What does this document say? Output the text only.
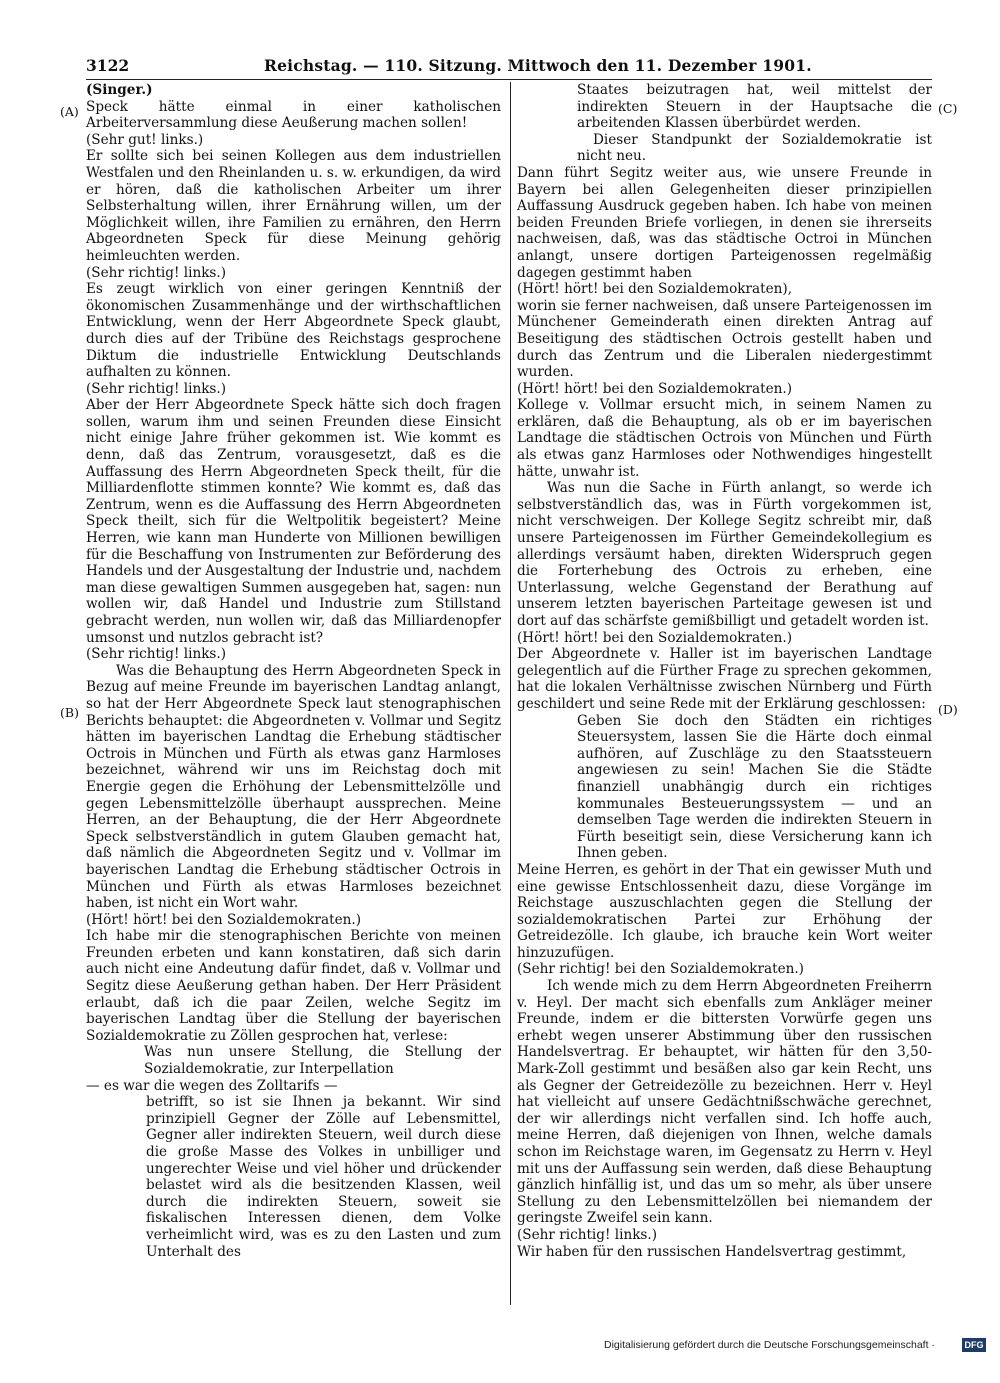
3122	Reichstag. — 110. Sitzung. Mittwoch den 11. Dezember 1901.
(A)
(B)
(C)
(D)

(Singer.)

Speck hätte einmal in einer katholischen Arbeiterversammlung diese Aeußerung machen sollen!

(Sehr gut! links.)

Er sollte sich bei seinen Kollegen aus dem industriellen Westfalen und den Rheinlanden u. s. w. erkundigen, da wird er hören, daß die katholischen Arbeiter um ihrer Selbsterhaltung willen, ihrer Ernährung willen, um der Möglichkeit willen, ihre Familien zu ernähren, den Herrn Abgeordneten Speck für diese Meinung gehörig heimleuchten werden.

(Sehr richtig! links.)

Es zeugt wirklich von einer geringen Kenntniß der ökonomischen Zusammenhänge und der wirthschaftlichen Entwicklung, wenn der Herr Abgeordnete Speck glaubt, durch dies auf der Tribüne des Reichstags gesprochene Diktum die industrielle Entwicklung Deutschlands aufhalten zu können.

(Sehr richtig! links.)

Aber der Herr Abgeordnete Speck hätte sich doch fragen sollen, warum ihm und seinen Freunden diese Einsicht nicht einige Jahre früher gekommen ist. Wie kommt es denn, daß das Zentrum, vorausgesetzt, daß es die Auffassung des Herrn Abgeordneten Speck theilt, für die Milliardenflotte stimmen konnte? Wie kommt es, daß das Zentrum, wenn es die Auffassung des Herrn Abgeordneten Speck theilt, sich für die Weltpolitik begeistert? Meine Herren, wie kann man Hunderte von Millionen bewilligen für die Beschaffung von Instrumenten zur Beförderung des Handels und der Ausgestaltung der Industrie und, nachdem man diese gewaltigen Summen ausgegeben hat, sagen: nun wollen wir, daß Handel und Industrie zum Stillstand gebracht werden, nun wollen wir, daß das Milliardenopfer umsonst und nutzlos gebracht ist?

(Sehr richtig! links.)

Was die Behauptung des Herrn Abgeordneten Speck in Bezug auf meine Freunde im bayerischen Landtag anlangt, so hat der Herr Abgeordnete Speck laut stenographischen Berichts behauptet: die Abgeordneten v. Vollmar und Segitz hätten im bayerischen Landtag die Erhebung städtischer Octrois in München und Fürth als etwas ganz Harmloses bezeichnet, während wir uns im Reichstag doch mit Energie gegen die Erhöhung der Lebensmittelzölle und gegen Lebensmittelzölle überhaupt aussprechen. Meine Herren, an der Behauptung, die der Herr Abgeordnete Speck selbstverständlich in gutem Glauben gemacht hat, daß nämlich die Abgeordneten Segitz und v. Vollmar im bayerischen Landtag die Erhebung städtischer Octrois in München und Fürth als etwas Harmloses bezeichnet haben, ist nicht ein Wort wahr.

(Hört! hört! bei den Sozialdemokraten.)

Ich habe mir die stenographischen Berichte von meinen Freunden erbeten und kann konstatiren, daß sich darin auch nicht eine Andeutung dafür findet, daß v. Vollmar und Segitz diese Aeußerung gethan haben. Der Herr Präsident erlaubt, daß ich die paar Zeilen, welche Segitz im bayerischen Landtag über die Stellung der bayerischen Sozialdemokratie zu Zöllen gesprochen hat, verlese:

Was nun unsere Stellung, die Stellung der Sozialdemokratie, zur Interpellation

— es war die wegen des Zolltarifs —

betrifft, so ist sie Ihnen ja bekannt. Wir sind prinzipiell Gegner der Zölle auf Lebensmittel, Gegner aller indirekten Steuern, weil durch diese die große Masse des Volkes in unbilliger und ungerechter Weise und viel höher und drückender belastet wird als die besitzenden Klassen, weil durch die indirekten Steuern, soweit sie fiskalischen Interessen dienen, dem Volke verheimlicht wird, was es zu den Lasten und zum Unterhalt des

Staates beizutragen hat, weil mittelst der indirekten Steuern in der Hauptsache die arbeitenden Klassen überbürdet werden.

Dieser Standpunkt der Sozialdemokratie ist nicht neu.

Dann führt Segitz weiter aus, wie unsere Freunde in Bayern bei allen Gelegenheiten dieser prinzipiellen Auffassung Ausdruck gegeben haben. Ich habe von meinen beiden Freunden Briefe vorliegen, in denen sie ihrerseits nachweisen, daß, was das städtische Octroi in München anlangt, unsere dortigen Parteigenossen regelmäßig dagegen gestimmt haben

(Hört! hört! bei den Sozialdemokraten),

worin sie ferner nachweisen, daß unsere Parteigenossen im Münchener Gemeinderath einen direkten Antrag auf Beseitigung des städtischen Octrois gestellt haben und durch das Zentrum und die Liberalen niedergestimmt wurden.

(Hört! hört! bei den Sozialdemokraten.)

Kollege v. Vollmar ersucht mich, in seinem Namen zu erklären, daß die Behauptung, als ob er im bayerischen Landtage die städtischen Octrois von München und Fürth als etwas ganz Harmloses oder Nothwendiges hingestellt hätte, unwahr ist.

Was nun die Sache in Fürth anlangt, so werde ich selbstverständlich das, was in Fürth vorgekommen ist, nicht verschweigen. Der Kollege Segitz schreibt mir, daß unsere Parteigenossen im Fürther Gemeindekollegium es allerdings versäumt haben, direkten Widerspruch gegen die Forterhebung des Octrois zu erheben, eine Unterlassung, welche Gegenstand der Berathung auf unserem letzten bayerischen Parteitage gewesen ist und dort auf das schärfste gemißbilligt und getadelt worden ist.

(Hört! hört! bei den Sozialdemokraten.)

Der Abgeordnete v. Haller ist im bayerischen Landtage gelegentlich auf die Fürther Frage zu sprechen gekommen, hat die lokalen Verhältnisse zwischen Nürnberg und Fürth geschildert und seine Rede mit der Erklärung geschlossen:

Geben Sie doch den Städten ein richtiges Steuersystem, lassen Sie die Härte doch einmal aufhören, auf Zuschläge zu den Staatssteuern angewiesen zu sein! Machen Sie die Städte finanziell unabhängig durch ein richtiges kommunales Besteuerungssystem — und an demselben Tage werden die indirekten Steuern in Fürth beseitigt sein, diese Versicherung kann ich Ihnen geben.

Meine Herren, es gehört in der That ein gewisser Muth und eine gewisse Entschlossenheit dazu, diese Vorgänge im Reichstage auszuschlachten gegen die Stellung der sozialdemokratischen Partei zur Erhöhung der Getreidezölle. Ich glaube, ich brauche kein Wort weiter hinzuzufügen.

(Sehr richtig! bei den Sozialdemokraten.)

Ich wende mich zu dem Herrn Abgeordneten Freiherrn v. Heyl. Der macht sich ebenfalls zum Ankläger meiner Freunde, indem er die bittersten Vorwürfe gegen uns erhebt wegen unserer Abstimmung über den russischen Handelsvertrag. Er behauptet, wir hätten für den 3,50-Mark-Zoll gestimmt und besäßen also gar kein Recht, uns als Gegner der Getreidezölle zu bezeichnen. Herr v. Heyl hat vielleicht auf unsere Gedächtnißschwäche gerechnet, der wir allerdings nicht verfallen sind. Ich hoffe auch, meine Herren, daß diejenigen von Ihnen, welche damals schon im Reichstage waren, im Gegensatz zu Herrn v. Heyl mit uns der Auffassung sein werden, daß diese Behauptung gänzlich hinfällig ist, und das um so mehr, als über unsere Stellung zu den Lebensmittelzöllen bei niemandem der geringste Zweifel sein kann.

(Sehr richtig! links.)

Wir haben für den russischen Handelsvertrag gestimmt,

Digitalisierung gefördert durch die Deutsche Forschungsgemeinschaft ·	DFG
